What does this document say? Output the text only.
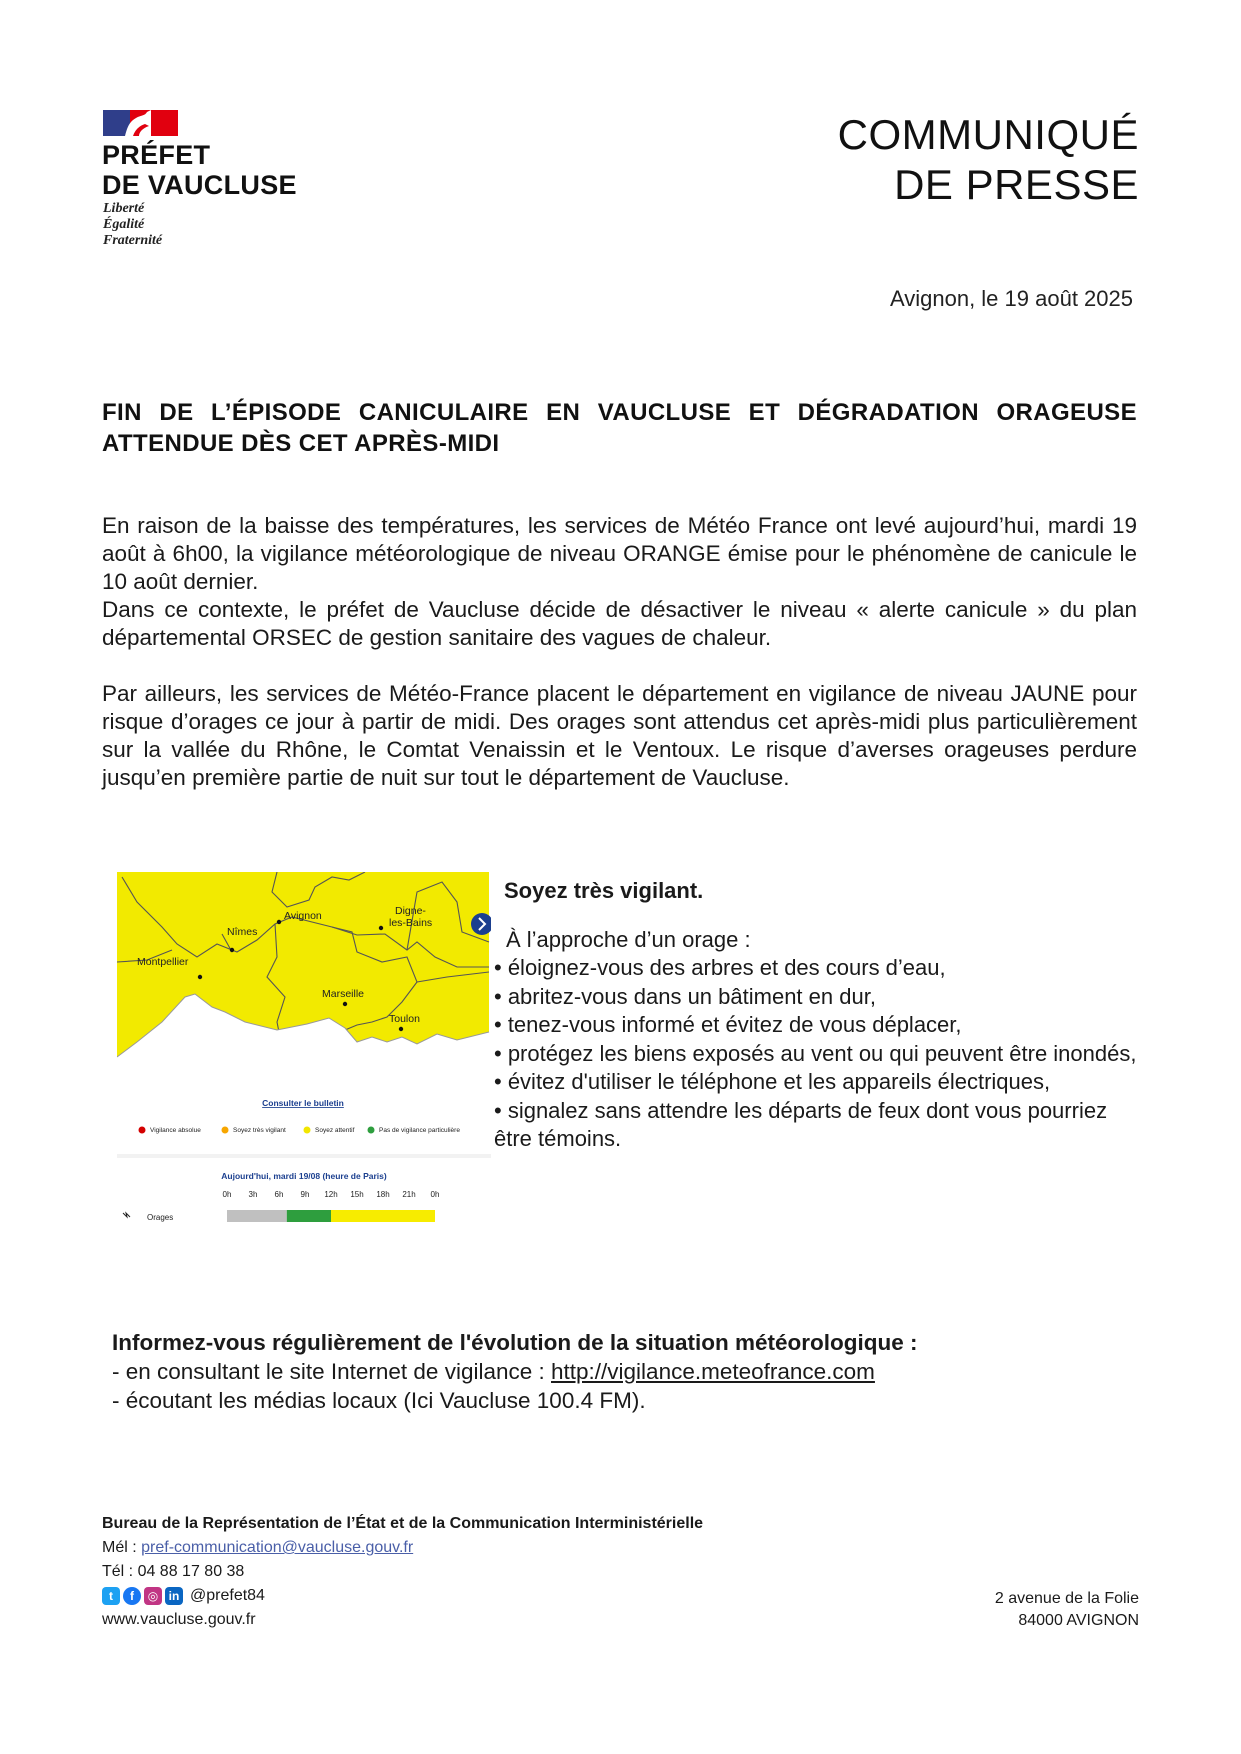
PRÉFET
DE VAUCLUSE
Liberté
Égalité
Fraternité
COMMUNIQUÉ
DE PRESSE
Avignon, le 19 août 2025
FIN DE L’ÉPISODE CANICULAIRE EN VAUCLUSE ET DÉGRADATION ORAGEUSE ATTENDUE DÈS CET APRÈS-MIDI

En raison de la baisse des températures, les services de Météo France ont levé aujourd’hui, mardi 19 août à 6h00, la vigilance météorologique de niveau ORANGE émise pour le phénomène de canicule le 10 août dernier.

Dans ce contexte, le préfet de Vaucluse décide de désactiver le niveau « alerte canicule » du plan départemental ORSEC de gestion sanitaire des vagues de chaleur.

Par ailleurs, les services de Météo-France placent le département en vigilance de niveau JAUNE pour risque d’orages ce jour à partir de midi. Des orages sont attendus cet après-midi plus particulièrement sur la vallée du Rhône, le Comtat Venaissin et le Ventoux. Le risque d’averses orageuses perdure jusqu’en première partie de nuit sur tout le département de Vaucluse.

Avignon
Nîmes
Montpellier
Marseille
Toulon
Digne-
les-Bains
Consulter le bulletin
Vigilance absolue	Soyez très vigilant	Soyez attentif	Pas de vigilance particulière
Aujourd'hui, mardi 19/08 (heure de Paris)
0h 3h 6h 9h 12h 15h 18h 21h 0h
Orages
Soyez très vigilant.
À l’approche d’un orage :
• éloignez-vous des arbres et des cours d’eau,
• abritez-vous dans un bâtiment en dur,
• tenez-vous informé et évitez de vous déplacer,
• protégez les biens exposés au vent ou qui peuvent être inondés,
• évitez d'utiliser le téléphone et les appareils électriques,
• signalez sans attendre les départs de feux dont vous pourriez être témoins.
Informez-vous régulièrement de l'évolution de la situation météorologique :
- en consultant le site Internet de vigilance : http://vigilance.meteofrance.com
- écoutant les médias locaux (Ici Vaucluse 100.4 FM).
Bureau de la Représentation de l’État et de la Communication Interministérielle
Mél : pref-communication@vaucluse.gouv.fr
Tél : 04 88 17 80 38
t	f	◎ in @prefet84
www.vaucluse.gouv.fr
2 avenue de la Folie
84000 AVIGNON
